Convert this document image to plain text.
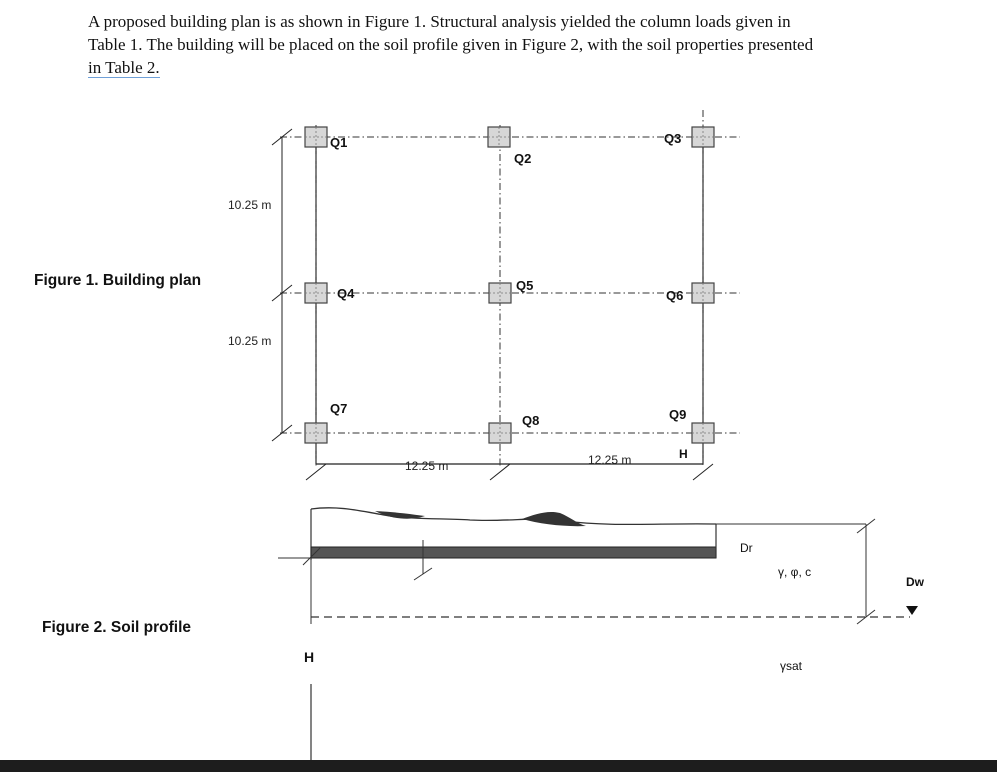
A proposed building plan is as shown in Figure 1. Structural analysis yielded the column loads given in

Table 1. The building will be placed on the soil profile given in Figure 2, with the soil properties presented

in Table 2.

Figure 1. Building plan
Figure 2. Soil profile
Q1
Q2
Q3
Q4
Q5
Q6
Q7
Q8	Q9
H
10.25 m
10.25 m
12.25 m	12.25 m
H
Dr
γ, φ, c
Dw
γsat
